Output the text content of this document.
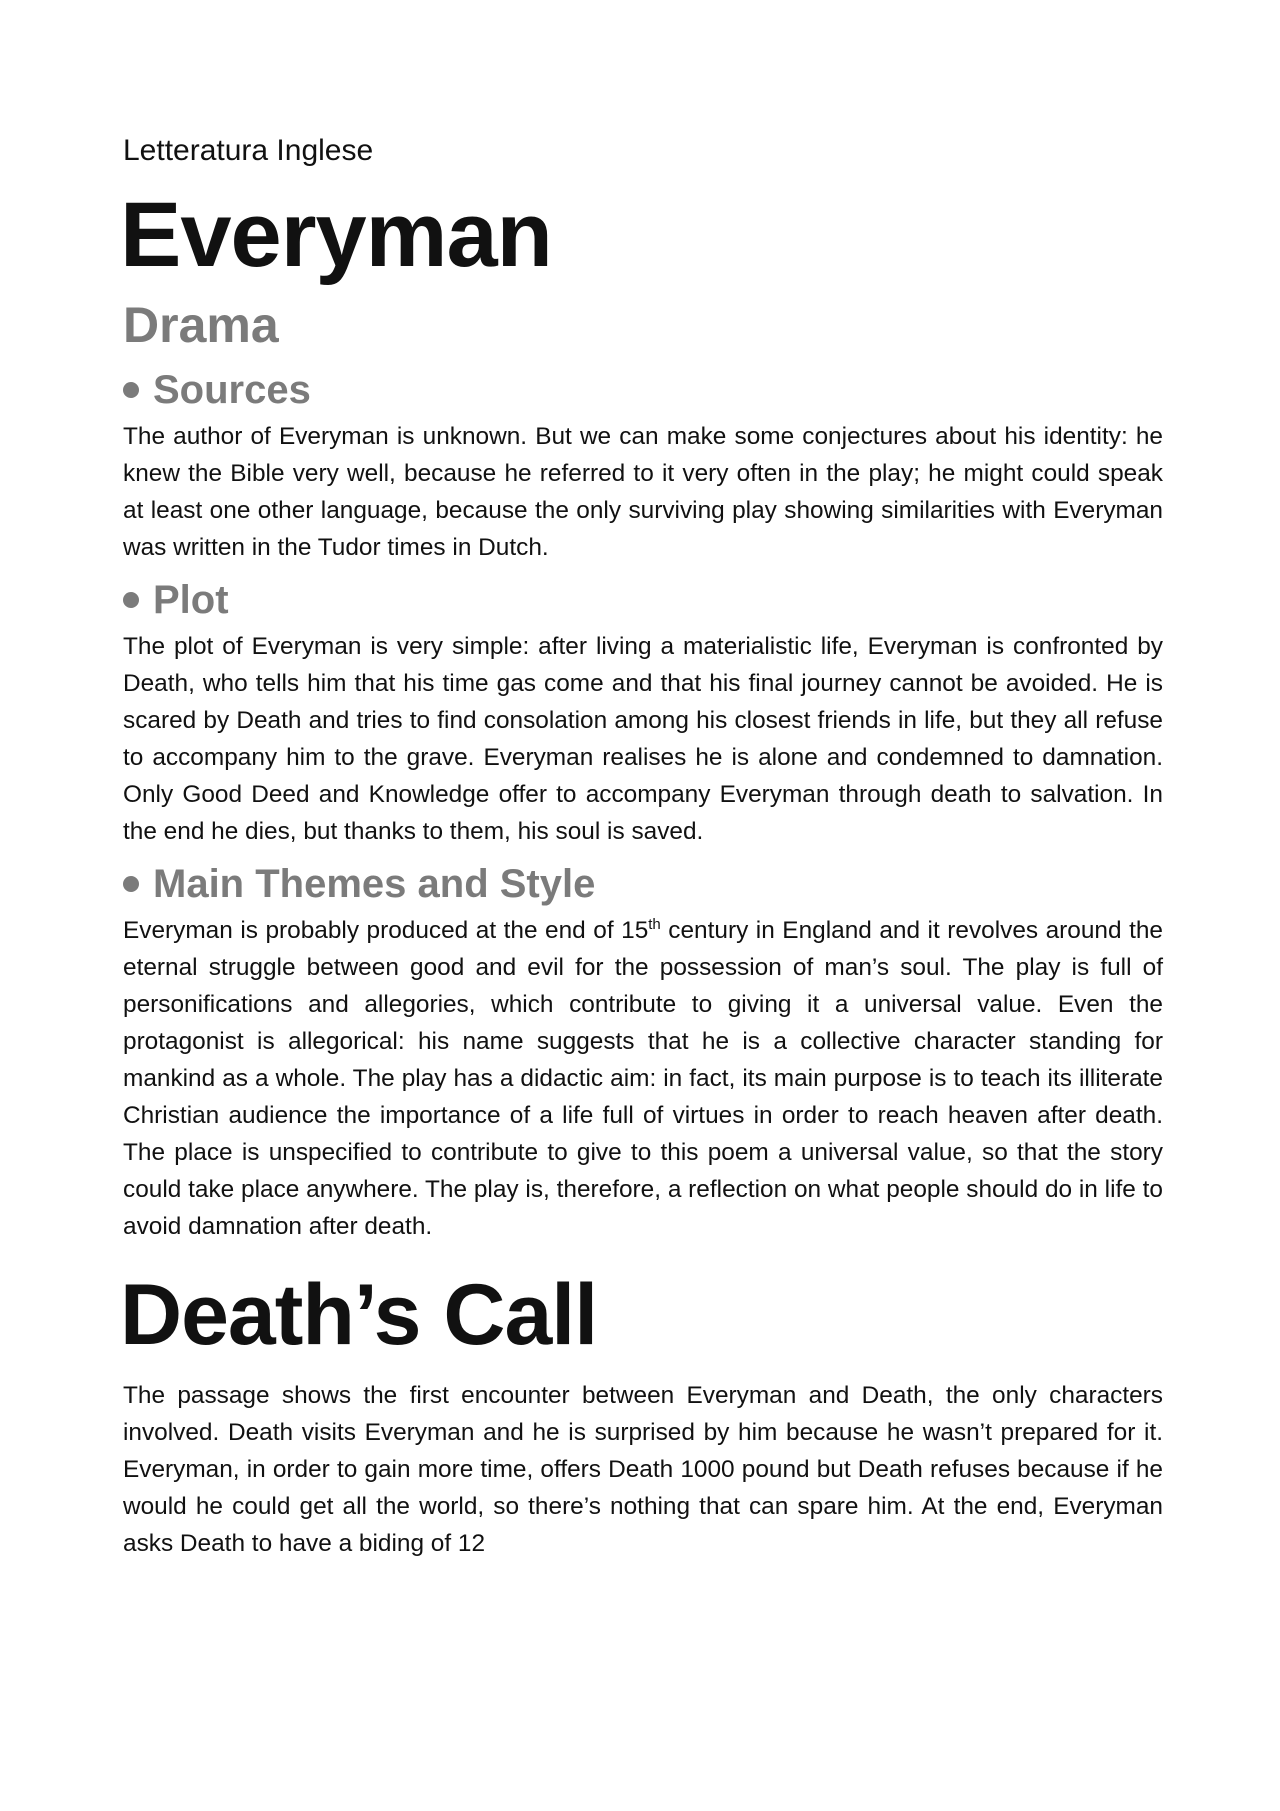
Letteratura Inglese

Everyman
Drama
Sources

The author of Everyman is unknown. But we can make some conjectures about his identity: he knew the Bible very well, because he referred to it very often in the play; he might could speak at least one other language, because the only surviving play showing similarities with Everyman was written in the Tudor times in Dutch.

Plot

The plot of Everyman is very simple: after living a materialistic life, Everyman is confronted by Death, who tells him that his time gas come and that his final journey cannot be avoided. He is scared by Death and tries to find consolation among his closest friends in life, but they all refuse to accompany him to the grave. Everyman realises he is alone and condemned to damnation. Only Good Deed and Knowledge offer to accompany Everyman through death to salvation. In the end he dies, but thanks to them, his soul is saved.

Main Themes and Style

Everyman is probably produced at the end of 15th century in England and it revolves around the eternal struggle between good and evil for the possession of man’s soul. The play is full of personifications and allegories, which contribute to giving it a universal value. Even the protagonist is allegorical: his name suggests that he is a collective character standing for mankind as a whole. The play has a didactic aim: in fact, its main purpose is to teach its illiterate Christian audience the importance of a life full of virtues in order to reach heaven after death. The place is unspecified to contribute to give to this poem a universal value, so that the story could take place anywhere. The play is, therefore, a reflection on what people should do in life to avoid damnation after death.

Death’s Call

The passage shows the first encounter between Everyman and Death, the only characters involved. Death visits Everyman and he is surprised by him because he wasn’t prepared for it. Everyman, in order to gain more time, offers Death 1000 pound but Death refuses because if he would he could get all the world, so there’s nothing that can spare him. At the end, Everyman asks Death to have a biding of 12
